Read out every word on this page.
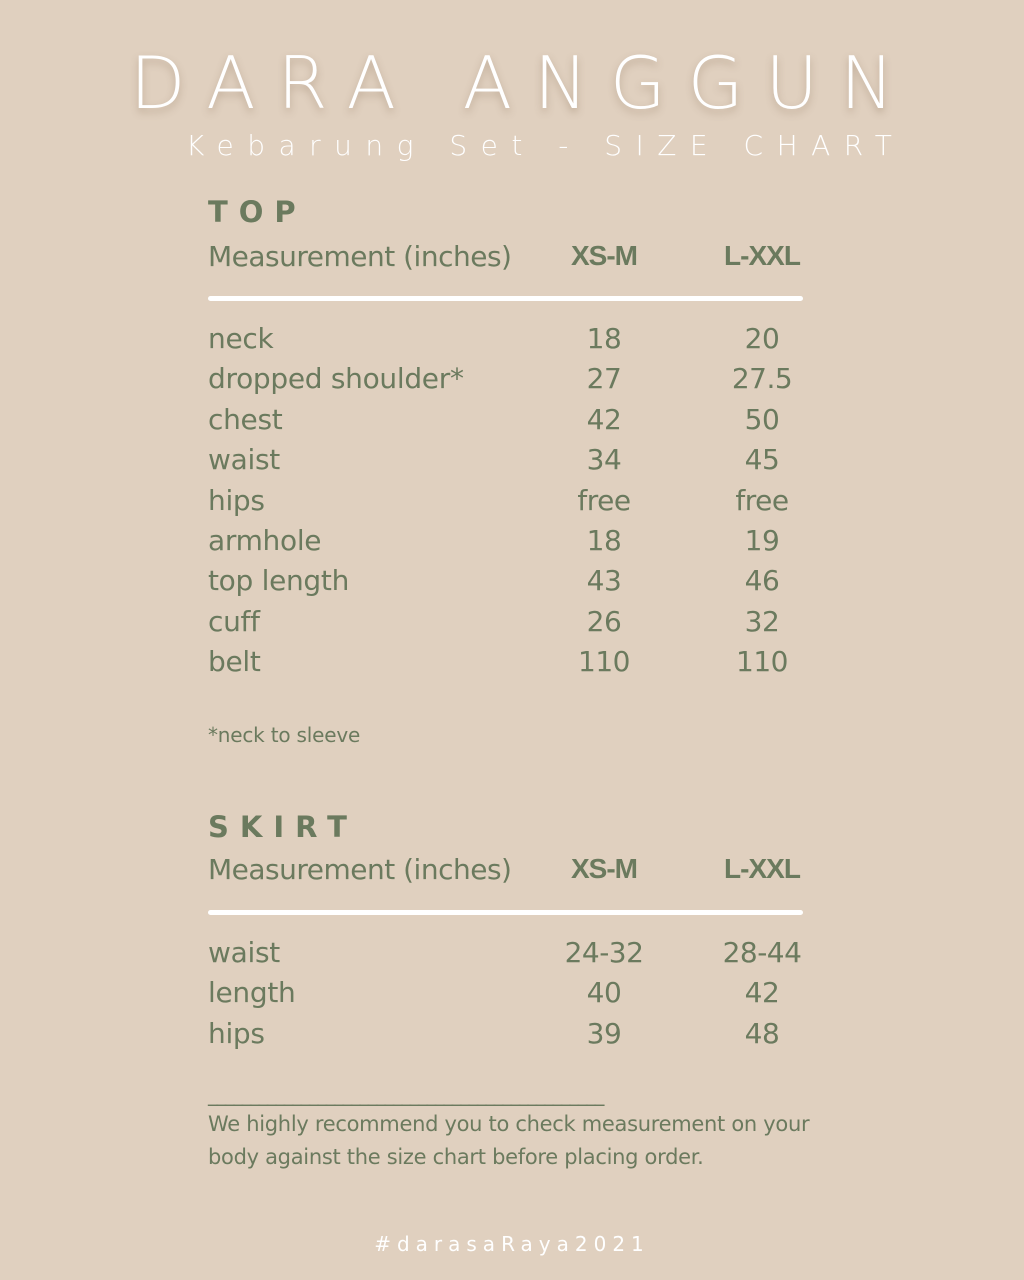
DARA ANGGUN
Kebarung Set - SIZE CHART
TOP
Measurement (inches)	XS-M	L-XXL
neck	18	20
dropped shoulder*	27	27.5
chest	42	50
waist	34	45
hips	free	free
armhole	18	19
top length	43	46
cuff	26	32
belt	110	110
*neck to sleeve
SKIRT
Measurement (inches)	XS-M	L-XXL
waist	24-32	28-44
length	40	42
hips	39	48
_______________________________________________
We highly recommend you to check measurement on your body against the size chart before placing order.
#darasaRaya2021
